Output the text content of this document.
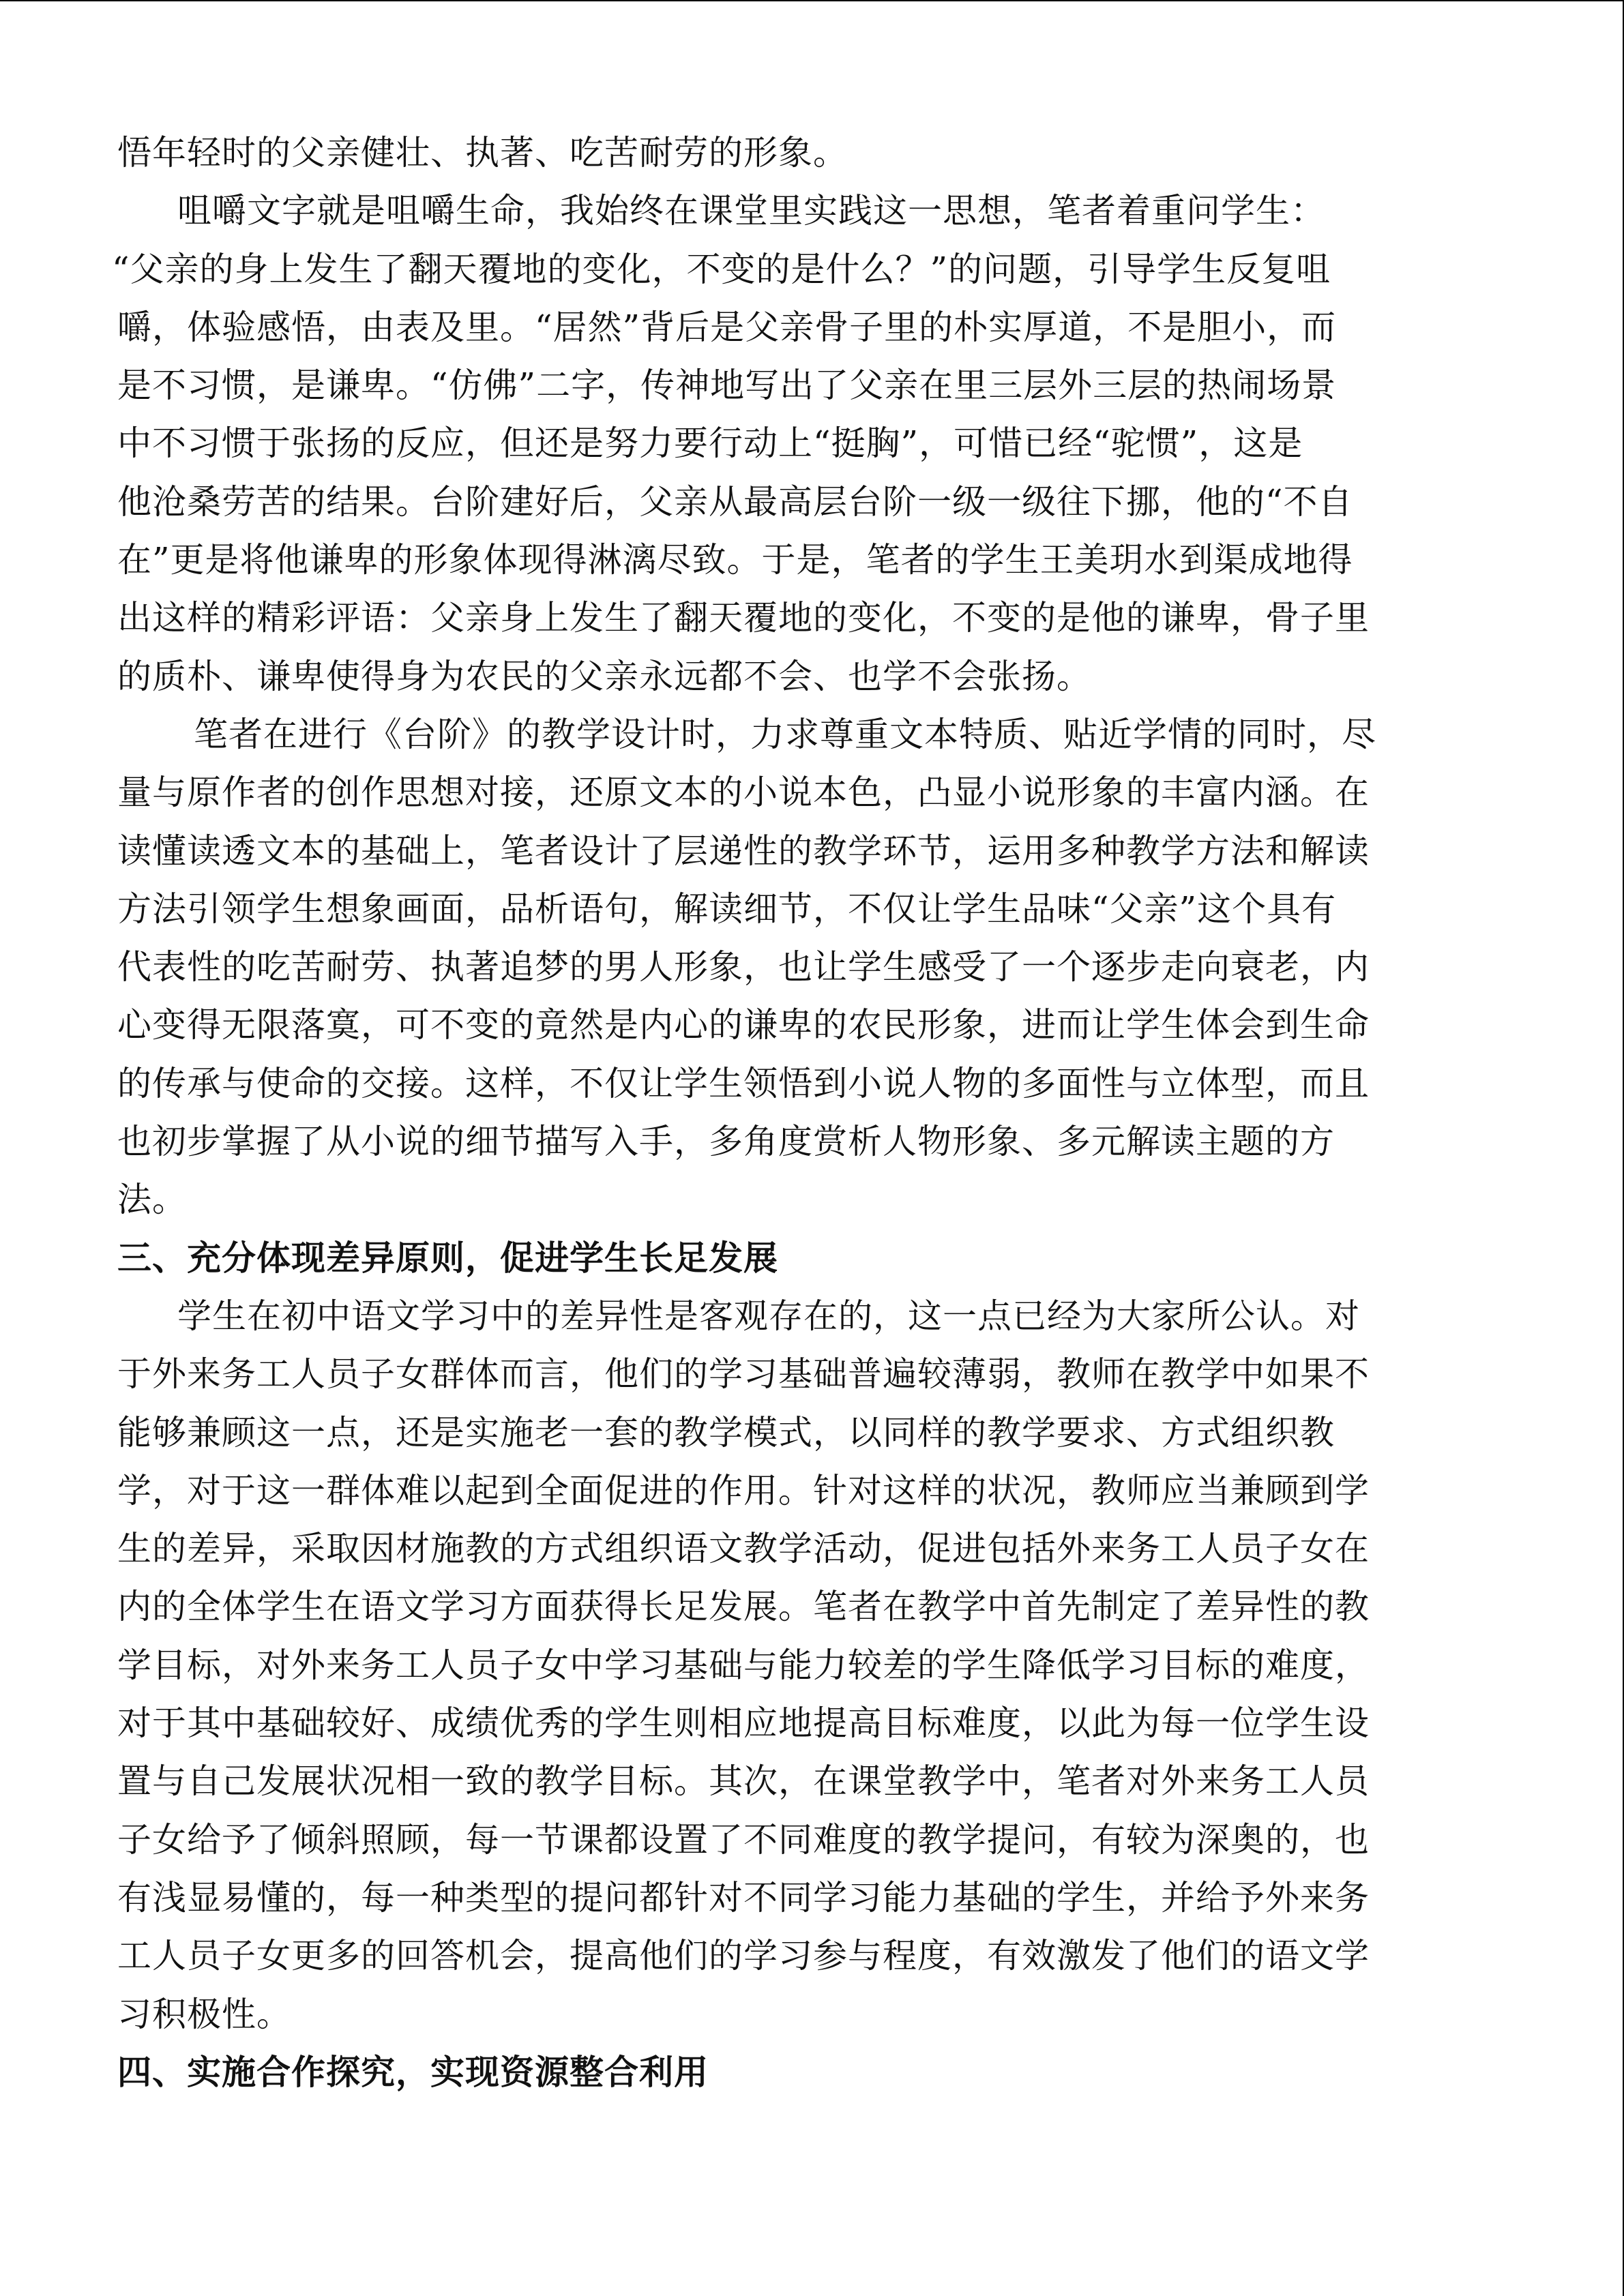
悟年轻时的父亲健壮、执著、吃苦耐劳的形象。

咀嚼文字就是咀嚼生命，我始终在课堂里实践这一思想，笔者着重问学生：
“父亲的身上发生了翻天覆地的变化，不变的是什么？”的问题，引导学生反复咀
嚼，体验感悟，由表及里。“居然”背后是父亲骨子里的朴实厚道，不是胆小，而
是不习惯，是谦卑。“仿佛”二字，传神地写出了父亲在里三层外三层的热闹场景
中不习惯于张扬的反应，但还是努力要行动上“挺胸”，可惜已经“驼惯”，这是
他沧桑劳苦的结果。台阶建好后，父亲从最高层台阶一级一级往下挪，他的“不自
在”更是将他谦卑的形象体现得淋漓尽致。于是，笔者的学生王美玥水到渠成地得
出这样的精彩评语：父亲身上发生了翻天覆地的变化，不变的是他的谦卑，骨子里
的质朴、谦卑使得身为农民的父亲永远都不会、也学不会张扬。

笔者在进行《台阶》的教学设计时，力求尊重文本特质、贴近学情的同时，尽
量与原作者的创作思想对接，还原文本的小说本色，凸显小说形象的丰富内涵。在
读懂读透文本的基础上，笔者设计了层递性的教学环节，运用多种教学方法和解读
方法引领学生想象画面，品析语句，解读细节，不仅让学生品味“父亲”这个具有
代表性的吃苦耐劳、执著追梦的男人形象，也让学生感受了一个逐步走向衰老，内
心变得无限落寞，可不变的竟然是内心的谦卑的农民形象，进而让学生体会到生命
的传承与使命的交接。这样，不仅让学生领悟到小说人物的多面性与立体型，而且
也初步掌握了从小说的细节描写入手，多角度赏析人物形象、多元解读主题的方
法。

三、充分体现差异原则，促进学生长足发展

学生在初中语文学习中的差异性是客观存在的，这一点已经为大家所公认。对
于外来务工人员子女群体而言，他们的学习基础普遍较薄弱，教师在教学中如果不
能够兼顾这一点，还是实施老一套的教学模式，以同样的教学要求、方式组织教
学，对于这一群体难以起到全面促进的作用。针对这样的状况，教师应当兼顾到学
生的差异，采取因材施教的方式组织语文教学活动，促进包括外来务工人员子女在
内的全体学生在语文学习方面获得长足发展。笔者在教学中首先制定了差异性的教
学目标，对外来务工人员子女中学习基础与能力较差的学生降低学习目标的难度，
对于其中基础较好、成绩优秀的学生则相应地提高目标难度，以此为每一位学生设
置与自己发展状况相一致的教学目标。其次，在课堂教学中，笔者对外来务工人员
子女给予了倾斜照顾，每一节课都设置了不同难度的教学提问，有较为深奥的，也
有浅显易懂的，每一种类型的提问都针对不同学习能力基础的学生，并给予外来务
工人员子女更多的回答机会，提高他们的学习参与程度，有效激发了他们的语文学
习积极性。

四、实施合作探究，实现资源整合利用
